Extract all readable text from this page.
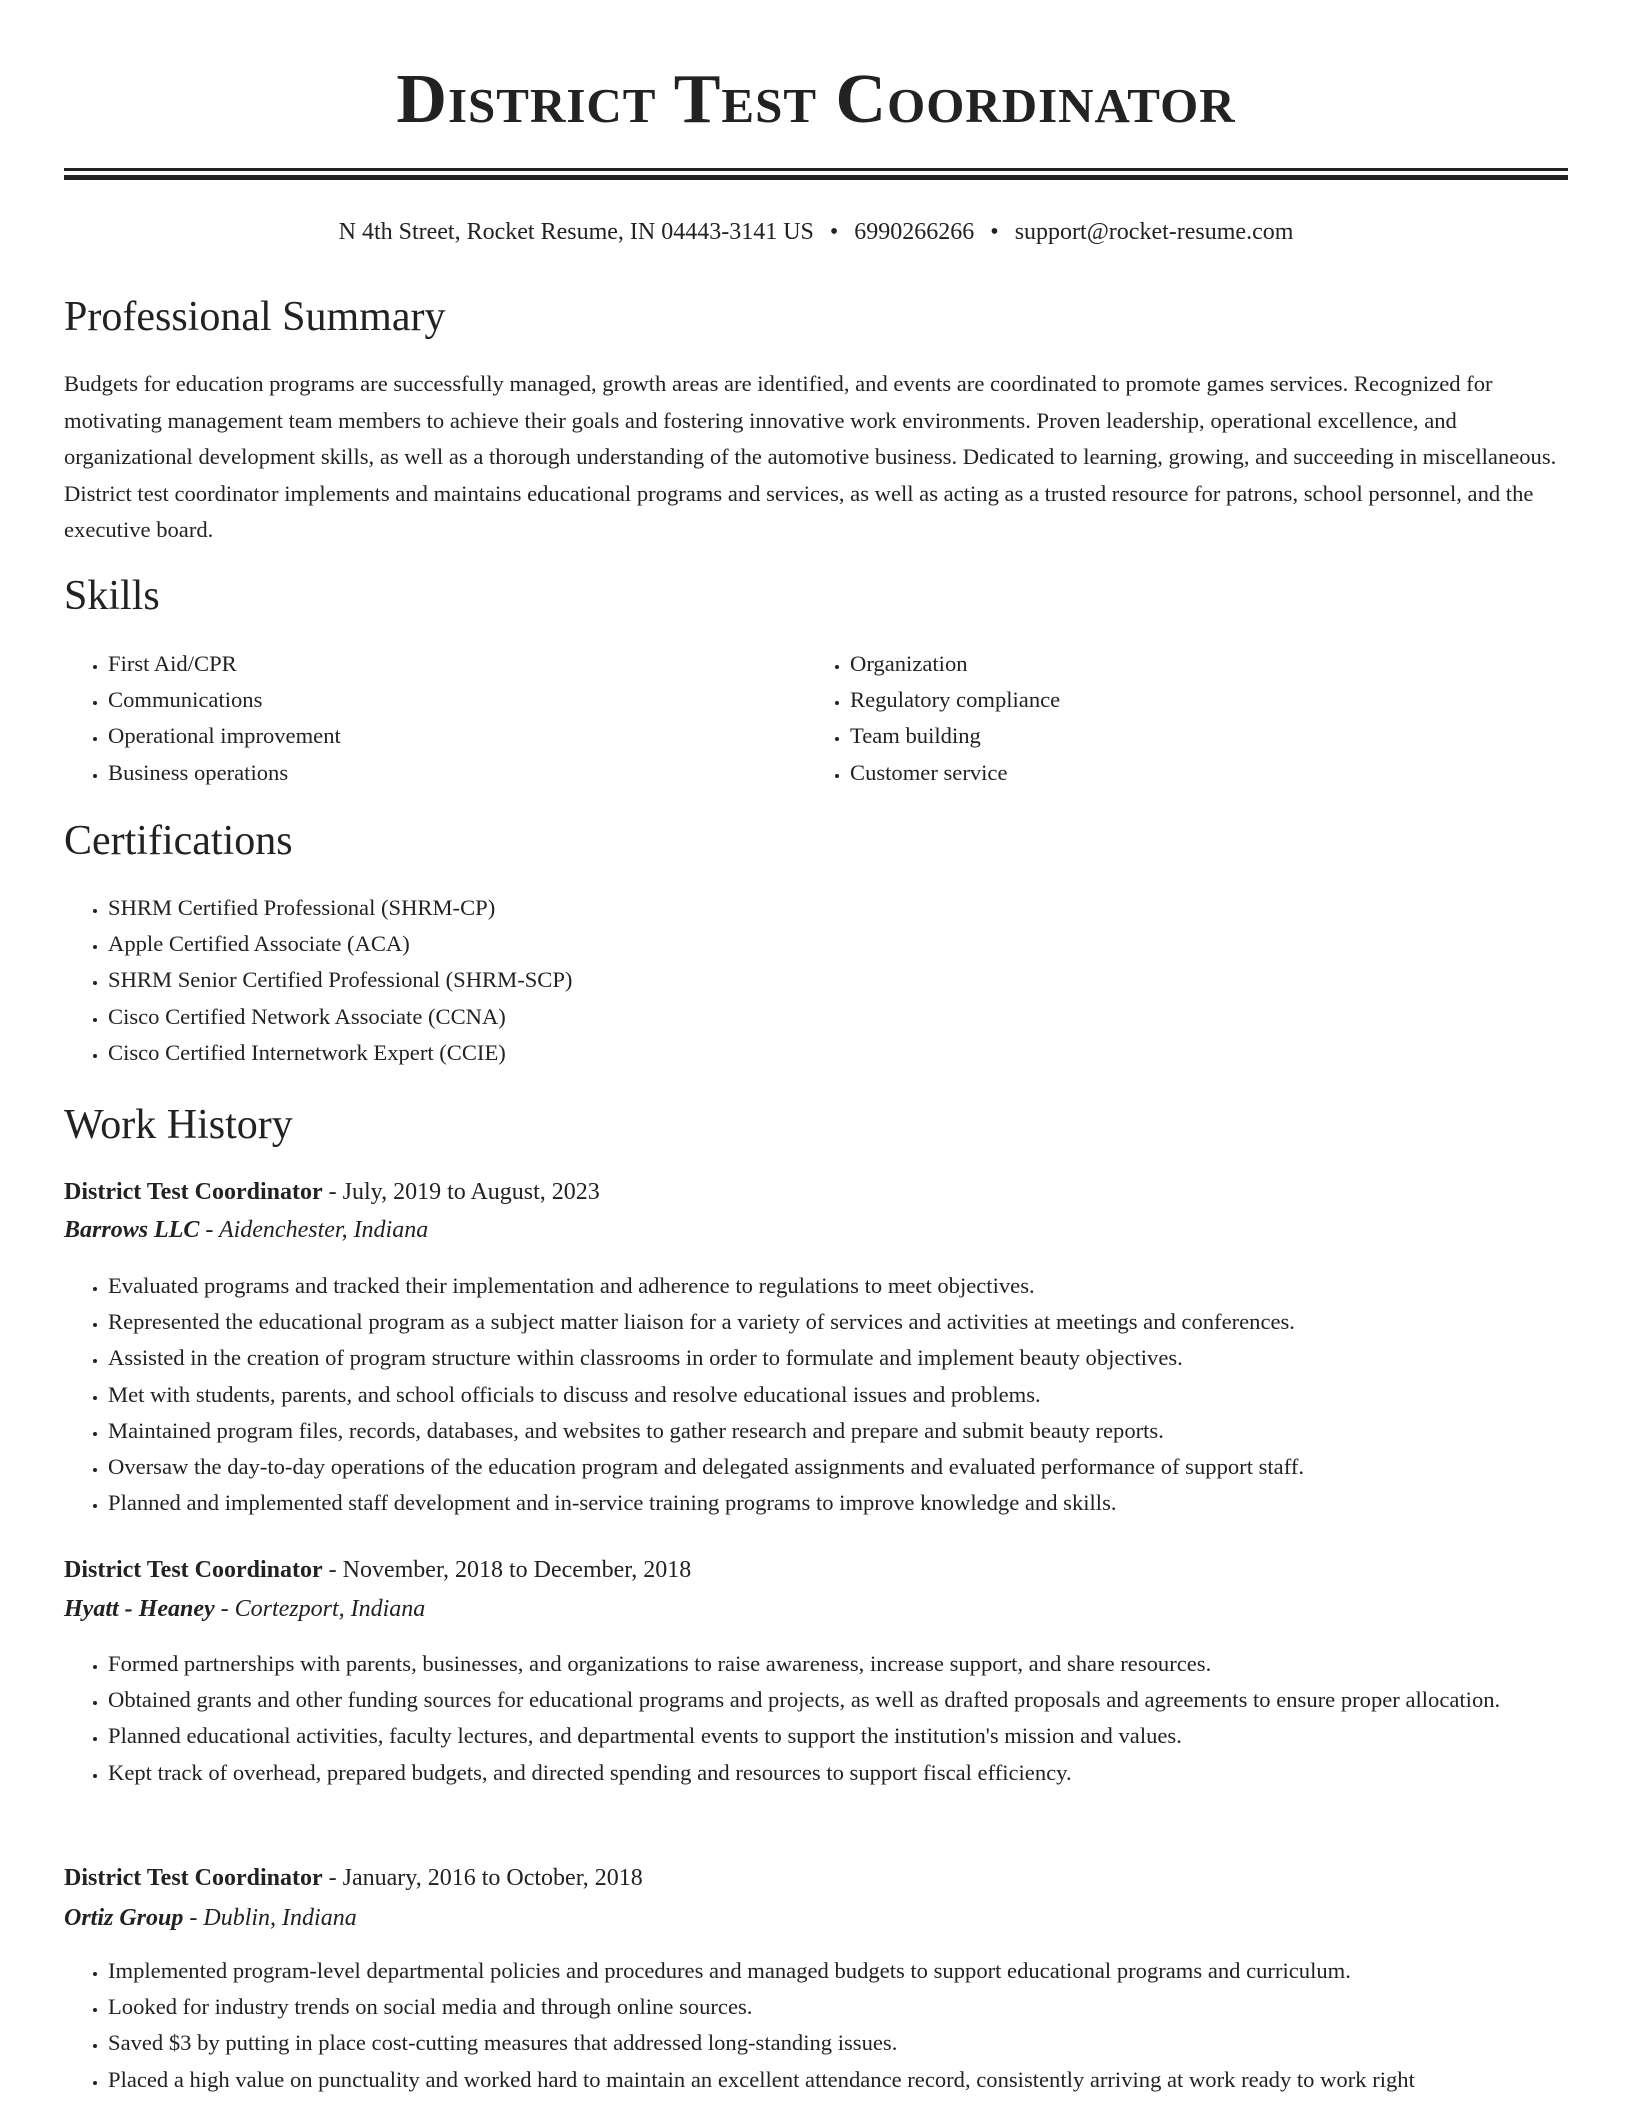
District Test Coordinator
N 4th Street, Rocket Resume, IN 04443-3141 US • 6990266266 • support@rocket-resume.com
Professional Summary

Budgets for education programs are successfully managed, growth areas are identified, and events are coordinated to promote games services. Recognized for motivating management team members to achieve their goals and fostering innovative work environments. Proven leadership, operational excellence, and organizational development skills, as well as a thorough understanding of the automotive business. Dedicated to learning, growing, and succeeding in miscellaneous. District test coordinator implements and maintains educational programs and services, as well as acting as a trusted resource for patrons, school personnel, and the executive board.

Skills
• First Aid/CPR
• Communications
• Operational improvement
• Business operations
• Organization
• Regulatory compliance
• Team building
• Customer service
Certifications
• SHRM Certified Professional (SHRM-CP)
• Apple Certified Associate (ACA)
• SHRM Senior Certified Professional (SHRM-SCP)
• Cisco Certified Network Associate (CCNA)
• Cisco Certified Internetwork Expert (CCIE)
Work History
District Test Coordinator - July, 2019 to August, 2023
Barrows LLC - Aidenchester, Indiana
• Evaluated programs and tracked their implementation and adherence to regulations to meet objectives.
• Represented the educational program as a subject matter liaison for a variety of services and activities at meetings and conferences.
• Assisted in the creation of program structure within classrooms in order to formulate and implement beauty objectives.
• Met with students, parents, and school officials to discuss and resolve educational issues and problems.
• Maintained program files, records, databases, and websites to gather research and prepare and submit beauty reports.
• Oversaw the day-to-day operations of the education program and delegated assignments and evaluated performance of support staff.
• Planned and implemented staff development and in-service training programs to improve knowledge and skills.
District Test Coordinator - November, 2018 to December, 2018
Hyatt - Heaney - Cortezport, Indiana
• Formed partnerships with parents, businesses, and organizations to raise awareness, increase support, and share resources.
• Obtained grants and other funding sources for educational programs and projects, as well as drafted proposals and agreements to ensure proper allocation.
• Planned educational activities, faculty lectures, and departmental events to support the institution's mission and values.
• Kept track of overhead, prepared budgets, and directed spending and resources to support fiscal efficiency.
District Test Coordinator - January, 2016 to October, 2018
Ortiz Group - Dublin, Indiana
• Implemented program-level departmental policies and procedures and managed budgets to support educational programs and curriculum.
• Looked for industry trends on social media and through online sources.
• Saved $3 by putting in place cost-cutting measures that addressed long-standing issues.
• Placed a high value on punctuality and worked hard to maintain an excellent attendance record, consistently arriving at work ready to work right
